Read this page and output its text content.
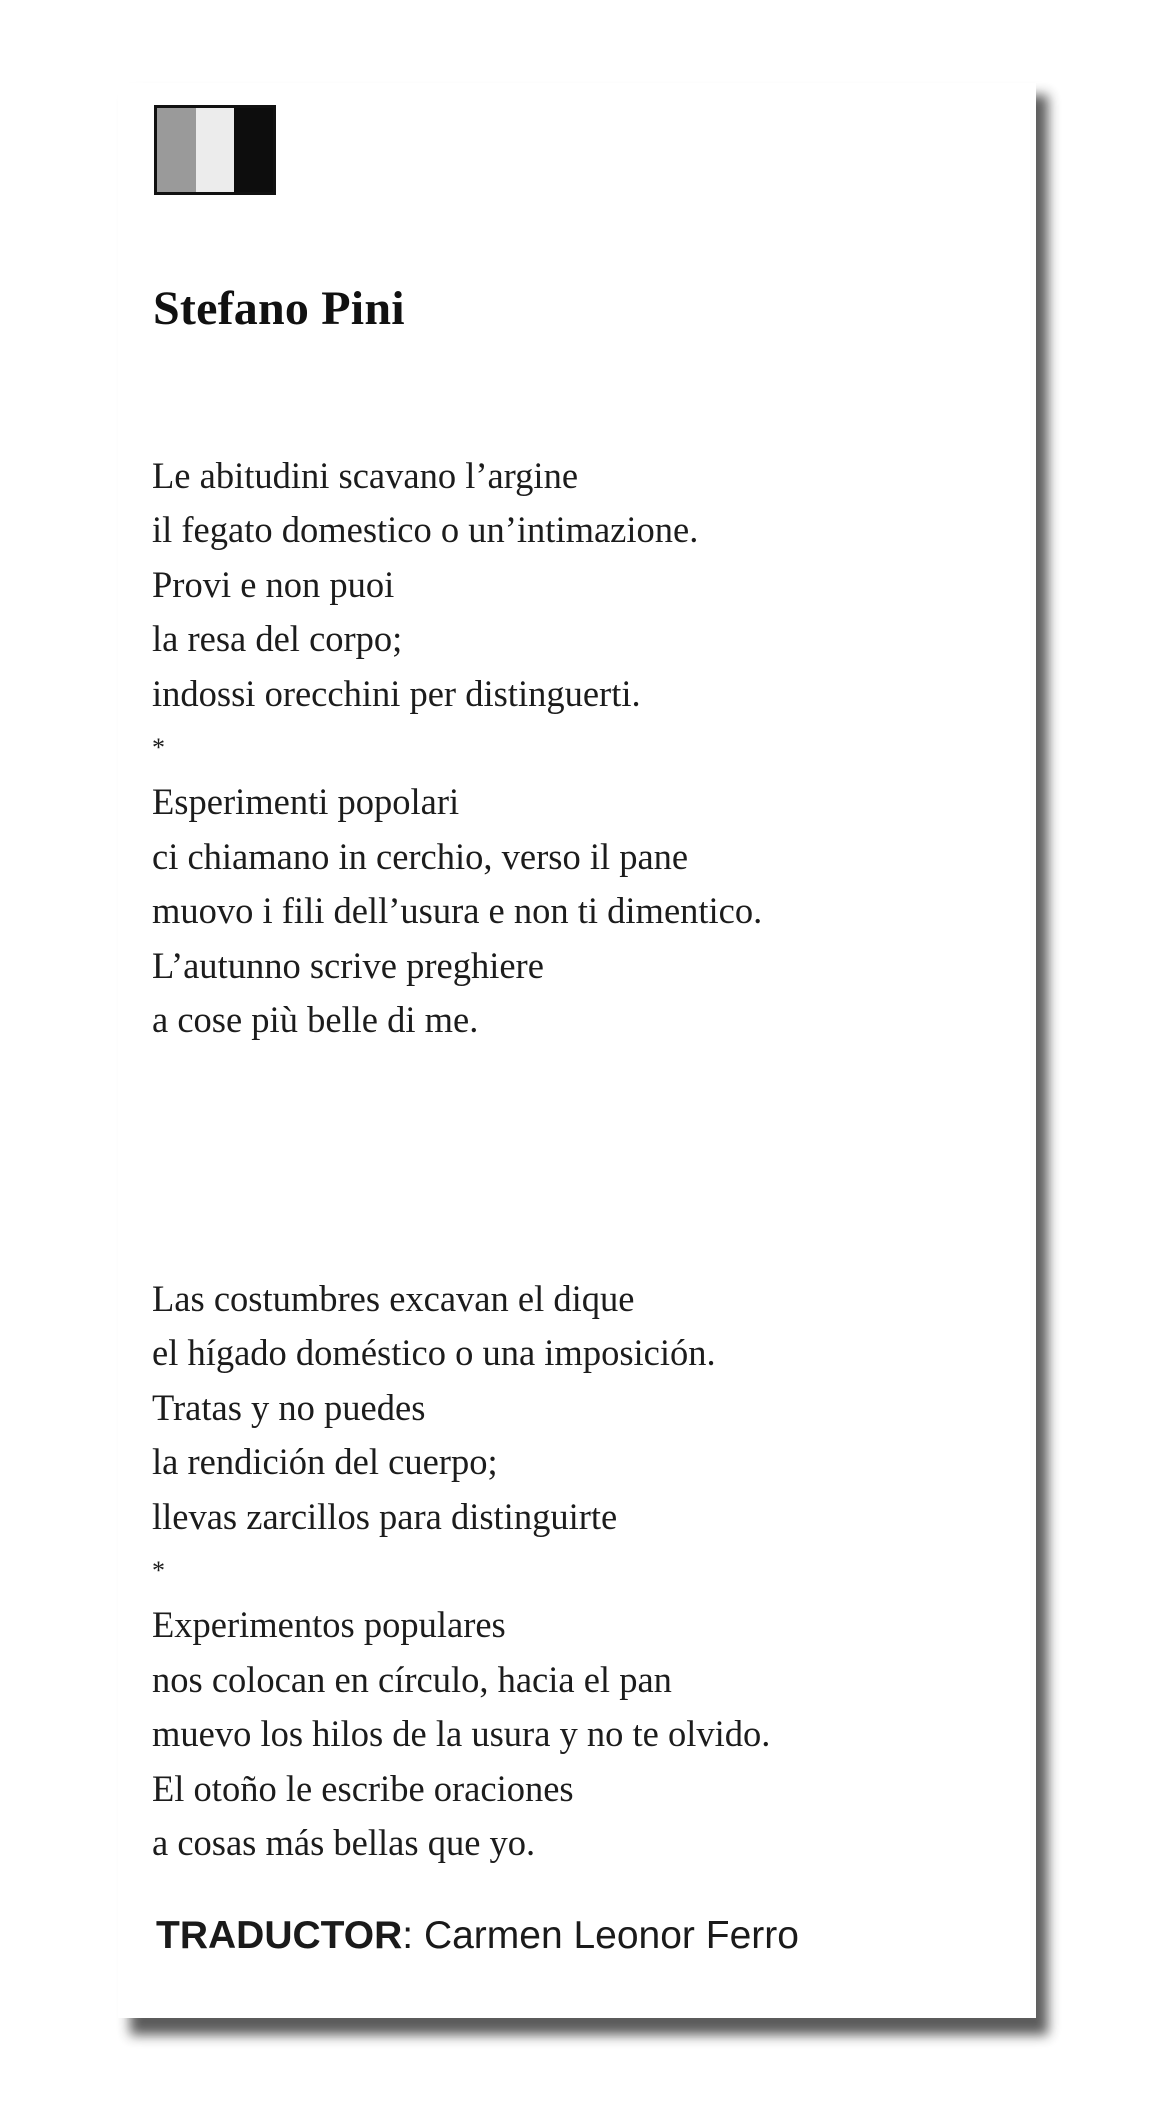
Stefano Pini
Le abitudini scavano l’argine
il fegato domestico o un’intimazione.
Provi e non puoi
la resa del corpo;
indossi orecchini per distinguerti.
*
Esperimenti popolari
ci chiamano in cerchio, verso il pane
muovo i fili dell’usura e non ti dimentico.
L’autunno scrive preghiere
a cose più belle di me.
Las costumbres excavan el dique
el hígado doméstico o una imposición.
Tratas y no puedes
la rendición del cuerpo;
llevas zarcillos para distinguirte
*
Experimentos populares
nos colocan en círculo, hacia el pan
muevo los hilos de la usura y no te olvido.
El otoño le escribe oraciones
a cosas más bellas que yo.
TRADUCTOR: Carmen Leonor Ferro
